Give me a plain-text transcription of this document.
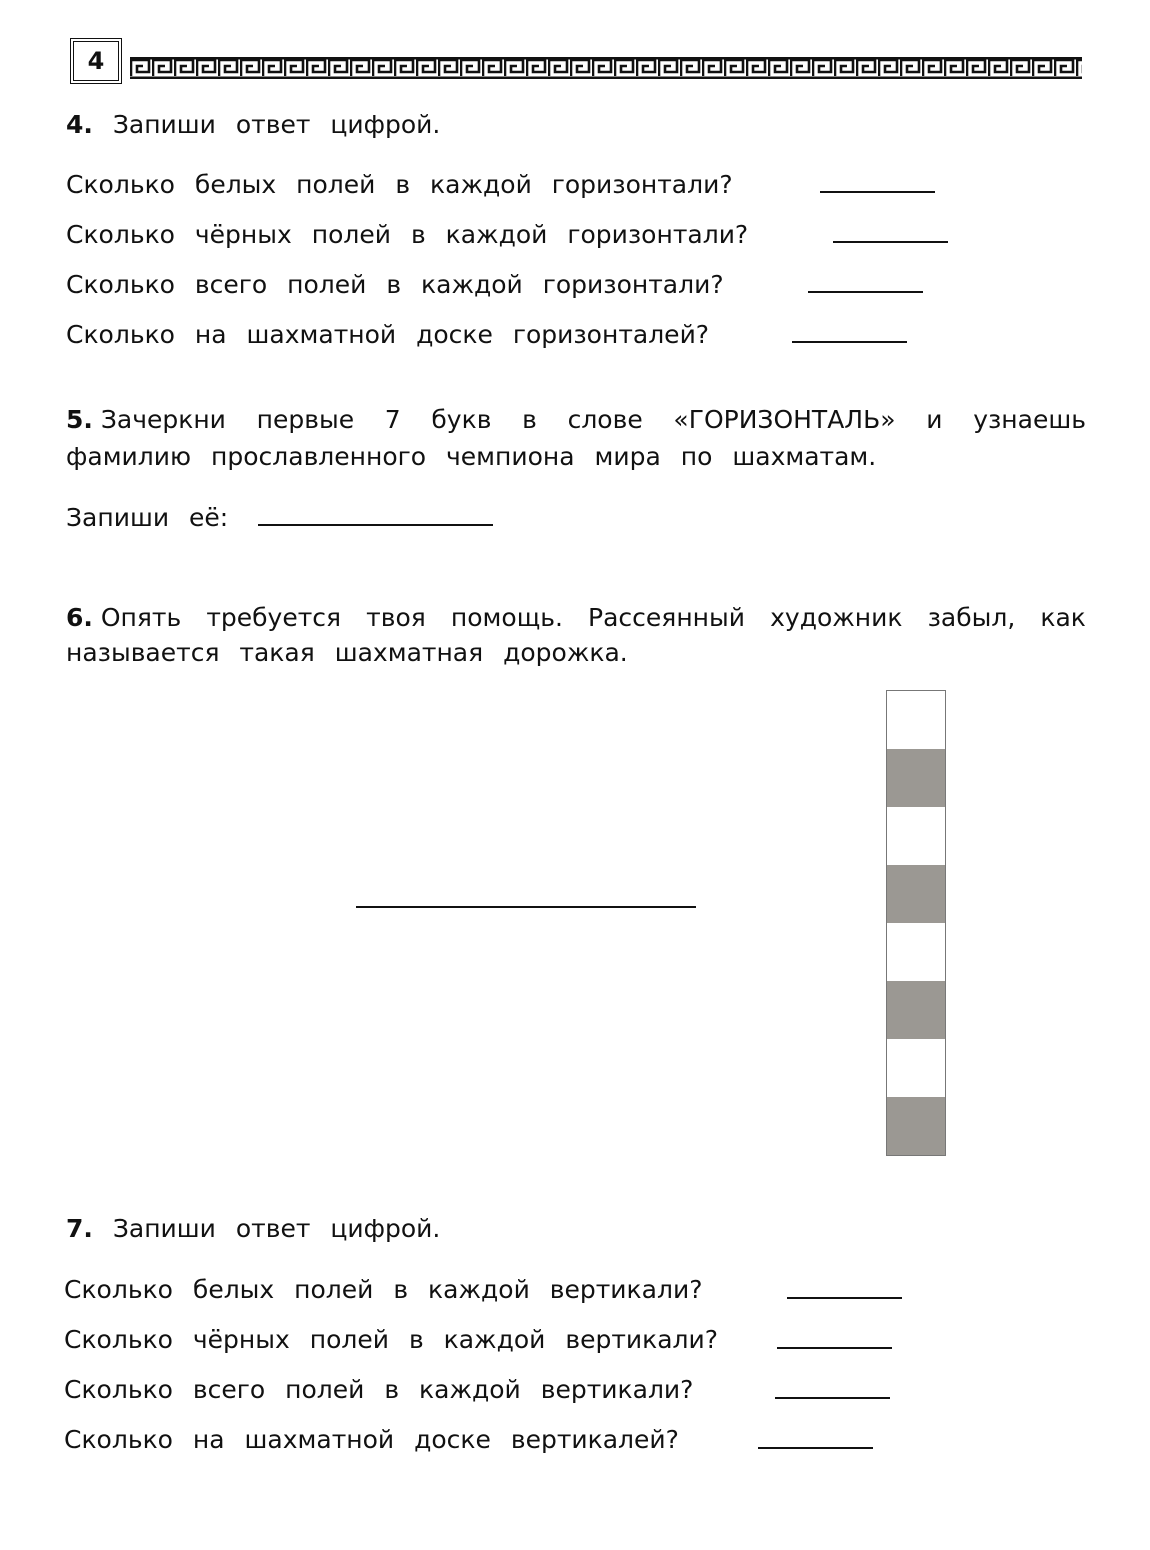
4
4. Запиши ответ цифрой.
Сколько белых полей в каждой горизонтали?
Сколько чёрных полей в каждой горизонтали?
Сколько всего полей в каждой горизонтали?
Сколько на шахматной доске горизонталей?
5. Зачеркни первые 7 букв в слове «ГОРИЗОНТАЛЬ» и узнаешь
фамилию прославленного чемпиона мира по шахматам.
Запиши её:
6. Опять требуется твоя помощь. Рассеянный художник забыл, как
называется такая шахматная дорожка.
7. Запиши ответ цифрой.
Сколько белых полей в каждой вертикали?
Сколько чёрных полей в каждой вертикали?
Сколько всего полей в каждой вертикали?
Сколько на шахматной доске вертикалей?
